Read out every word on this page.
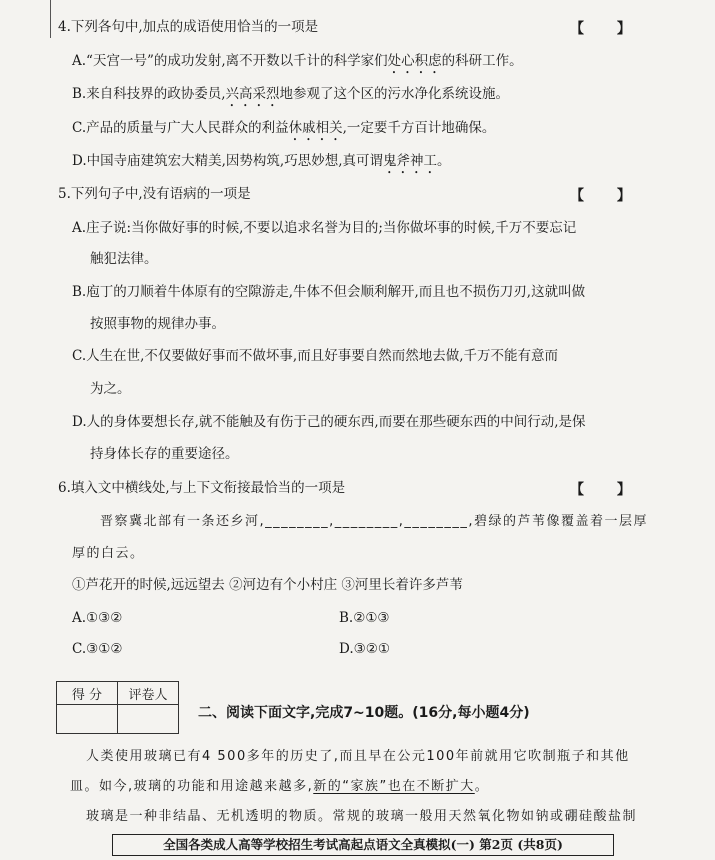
4.下列各句中,加点的成语使用恰当的一项是	【 】
A.“天宫一号”的成功发射,离不开数以千计的科学家们处心积虑的科研工作。
B.来自科技界的政协委员,兴高采烈地参观了这个区的污水净化系统设施。
C.产品的质量与广大人民群众的利益休戚相关,一定要千方百计地确保。
D.中国寺庙建筑宏大精美,因势构筑,巧思妙想,真可谓鬼斧神工。
5.下列句子中,没有语病的一项是	【 】
A.庄子说:当你做好事的时候,不要以追求名誉为目的;当你做坏事的时候,千万不要忘记
触犯法律。
B.庖丁的刀顺着牛体原有的空隙游走,牛体不但会顺利解开,而且也不损伤刀刃,这就叫做
按照事物的规律办事。
C.人生在世,不仅要做好事而不做坏事,而且好事要自然而然地去做,千万不能有意而
为之。
D.人的身体要想长存,就不能触及有伤于己的硬东西,而要在那些硬东西的中间行动,是保
持身体长存的重要途径。
6.填入文中横线处,与上下文衔接最恰当的一项是	【 】
晋察冀北部有一条还乡河,________,________,________,碧绿的芦苇像覆盖着一层厚
厚的白云。
①芦花开的时候,远远望去 ②河边有个小村庄 ③河里长着许多芦苇
A.①③②	B.②①③
C.③①②	D.③②①
得 分	评卷人

二、阅读下面文字,完成7~10题。(16分,每小题4分)
人类使用玻璃已有4 500多年的历史了,而且早在公元100年前就用它吹制瓶子和其他
皿。如今,玻璃的功能和用途越来越多,新的“家族”也在不断扩大。
玻璃是一种非结晶、无机透明的物质。常规的玻璃一般用天然氧化物如钠或硼硅酸盐制
全国各类成人高等学校招生考试高起点语文全真模拟(一) 第2页 (共8页)
